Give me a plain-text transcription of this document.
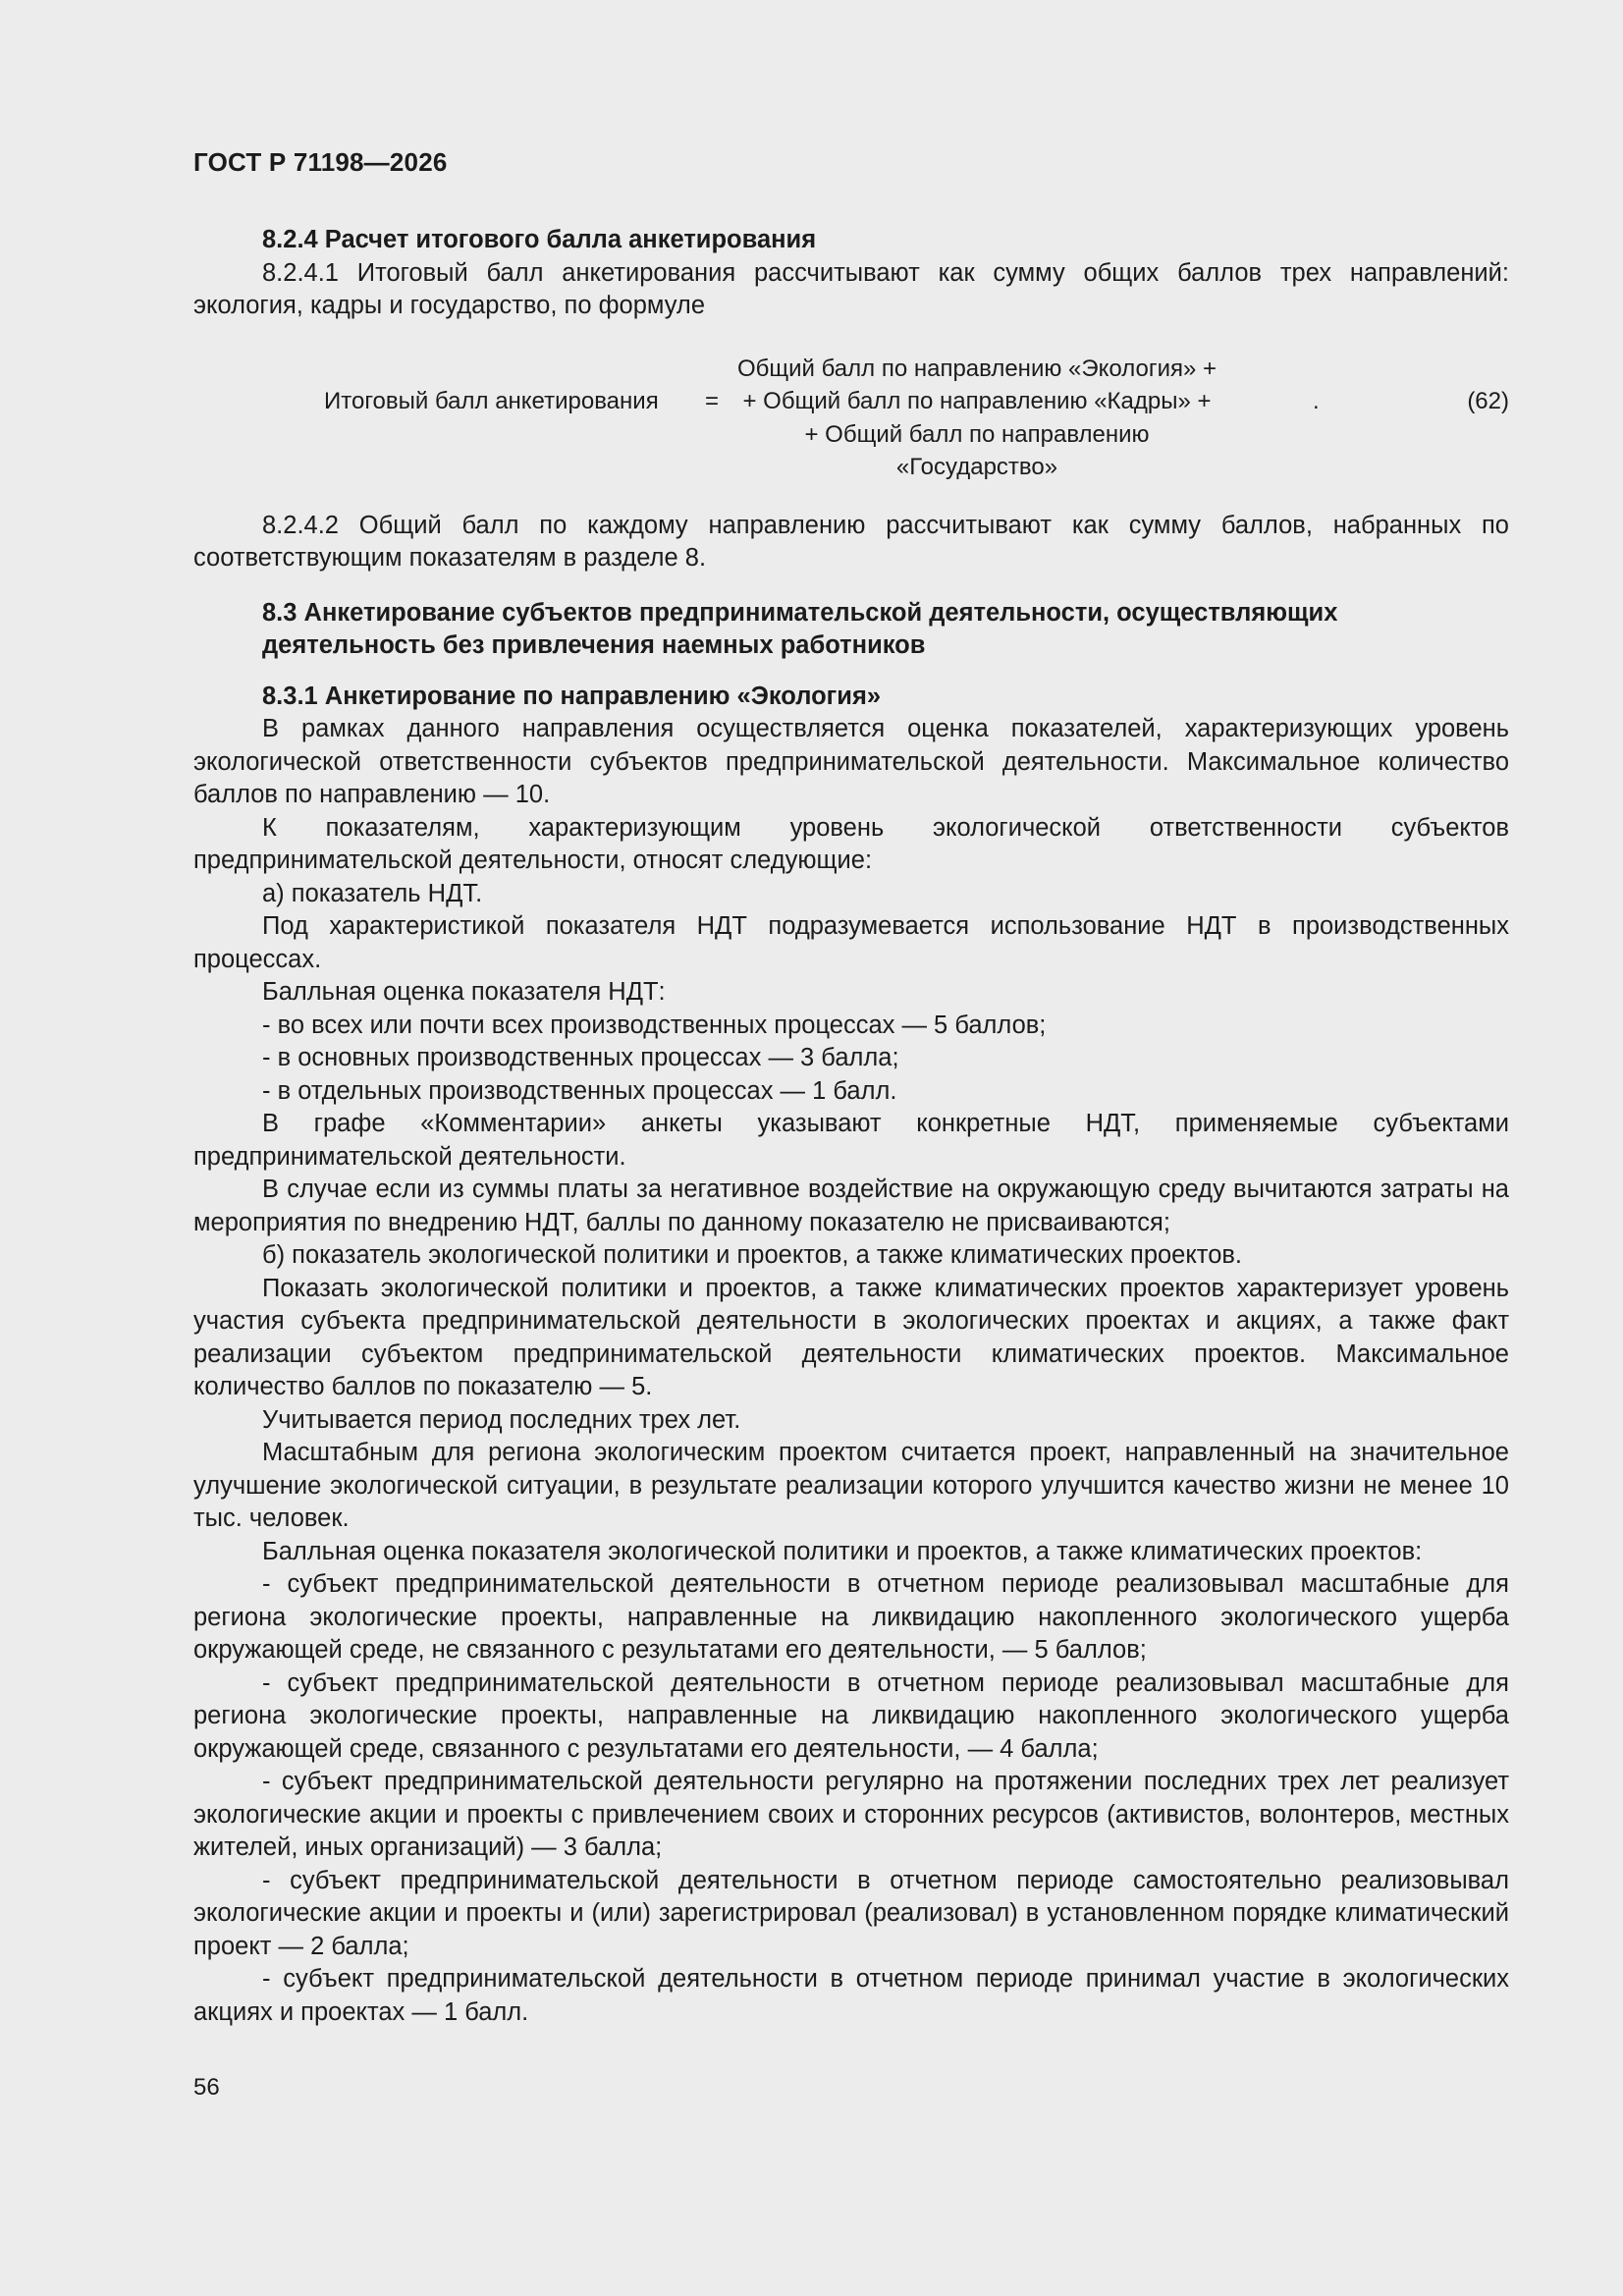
ГОСТ Р 71198—2026

8.2.4 Расчет итогового балла анкетирования

8.2.4.1 Итоговый балл анкетирования рассчитывают как сумму общих баллов трех направлений: экология, кадры и государство, по формуле

Итоговый балл анкетирования =
Общий балл по направлению «Экология» +
+ Общий балл по направлению «Кадры» +
+ Общий балл по направлению «Государство»
.	(62)

8.2.4.2 Общий балл по каждому направлению рассчитывают как сумму баллов, набранных по соответствующим показателям в разделе 8.

8.3 Анкетирование субъектов предпринимательской деятельности, осуществляющих

деятельность без привлечения наемных работников

8.3.1 Анкетирование по направлению «Экология»

В рамках данного направления осуществляется оценка показателей, характеризующих уровень экологической ответственности субъектов предпринимательской деятельности. Максимальное количество баллов по направлению — 10.

К показателям, характеризующим уровень экологической ответственности субъектов предпринимательской деятельности, относят следующие:

а) показатель НДТ.

Под характеристикой показателя НДТ подразумевается использование НДТ в производственных процессах.

Балльная оценка показателя НДТ:

- во всех или почти всех производственных процессах — 5 баллов;

- в основных производственных процессах — 3 балла;

- в отдельных производственных процессах — 1 балл.

В графе «Комментарии» анкеты указывают конкретные НДТ, применяемые субъектами предпринимательской деятельности.

В случае если из суммы платы за негативное воздействие на окружающую среду вычитаются затраты на мероприятия по внедрению НДТ, баллы по данному показателю не присваиваются;

б) показатель экологической политики и проектов, а также климатических проектов.

Показать экологической политики и проектов, а также климатических проектов характеризует уровень участия субъекта предпринимательской деятельности в экологических проектах и акциях, а также факт реализации субъектом предпринимательской деятельности климатических проектов. Максимальное количество баллов по показателю — 5.

Учитывается период последних трех лет.

Масштабным для региона экологическим проектом считается проект, направленный на значительное улучшение экологической ситуации, в результате реализации которого улучшится качество жизни не менее 10 тыс. человек.

Балльная оценка показателя экологической политики и проектов, а также климатических проектов:

- субъект предпринимательской деятельности в отчетном периоде реализовывал масштабные для региона экологические проекты, направленные на ликвидацию накопленного экологического ущерба окружающей среде, не связанного с результатами его деятельности, — 5 баллов;

- субъект предпринимательской деятельности в отчетном периоде реализовывал масштабные для региона экологические проекты, направленные на ликвидацию накопленного экологического ущерба окружающей среде, связанного с результатами его деятельности, — 4 балла;

- субъект предпринимательской деятельности регулярно на протяжении последних трех лет реализует экологические акции и проекты с привлечением своих и сторонних ресурсов (активистов, волонтеров, местных жителей, иных организаций) — 3 балла;

- субъект предпринимательской деятельности в отчетном периоде самостоятельно реализовывал экологические акции и проекты и (или) зарегистрировал (реализовал) в установленном порядке климатический проект — 2 балла;

- субъект предпринимательской деятельности в отчетном периоде принимал участие в экологических акциях и проектах — 1 балл.

56
